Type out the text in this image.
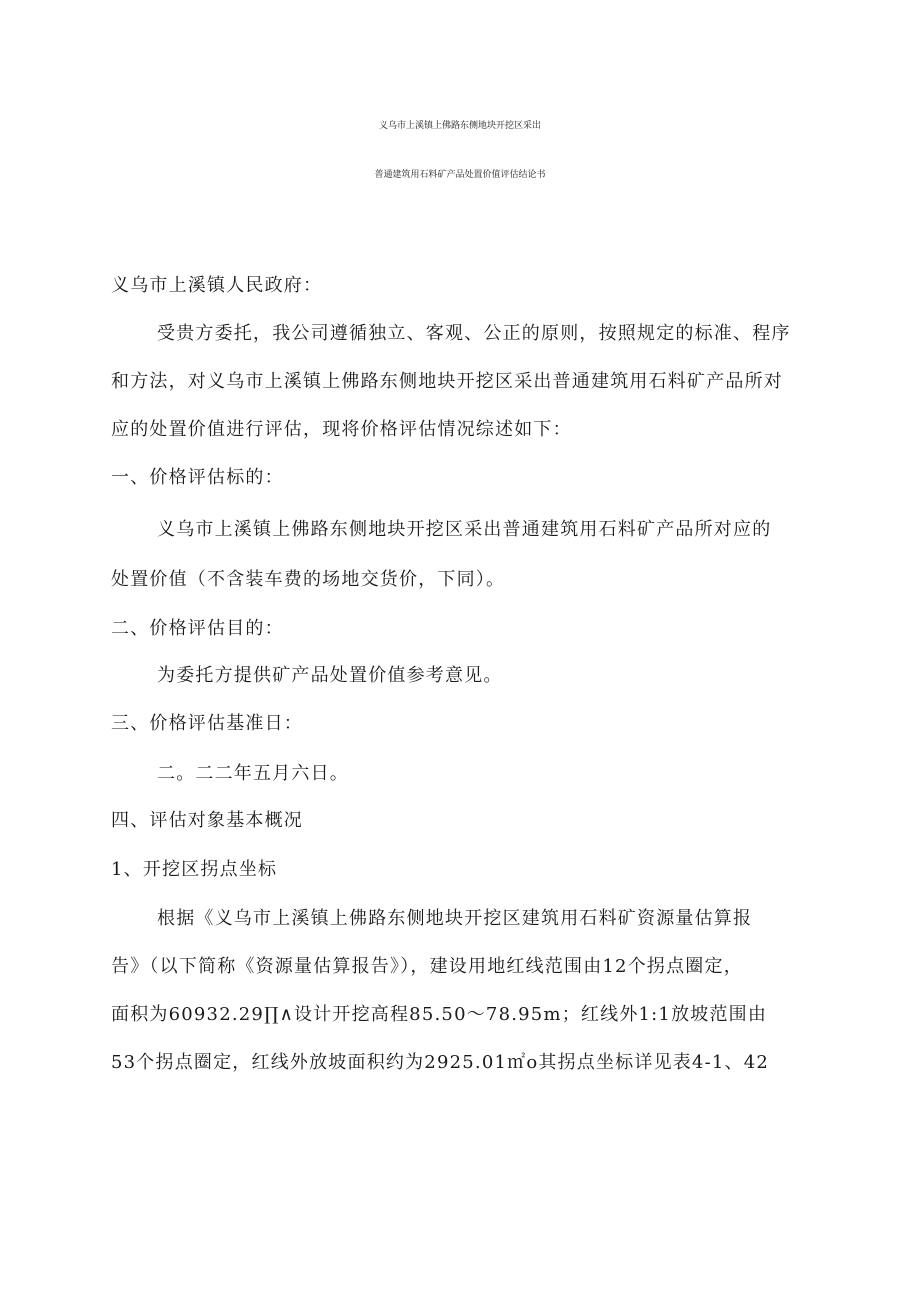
义乌市上溪镇上佛路东侧地块开挖区采出
普通建筑用石料矿产品处置价值评估结论书
义乌市上溪镇人民政府：
受贵方委托，我公司遵循独立、客观、公正的原则，按照规定的标准、程序
和方法，对义乌市上溪镇上佛路东侧地块开挖区采出普通建筑用石料矿产品所对
应的处置价值进行评估，现将价格评估情况综述如下：
一、价格评估标的：
义乌市上溪镇上佛路东侧地块开挖区采出普通建筑用石料矿产品所对应的
处置价值（不含装车费的场地交货价，下同）。
二、价格评估目的：
为委托方提供矿产品处置价值参考意见。
三、价格评估基准日：
二。二二年五月六日。
四、评估对象基本概况
1、开挖区拐点坐标
根据《义乌市上溪镇上佛路东侧地块开挖区建筑用石料矿资源量估算报
告》（以下简称《资源量估算报告》），建设用地红线范围由12个拐点圈定，
面积为60932.29∏∧设计开挖高程85.50～78.95m；红线外1:1放坡范围由
53个拐点圈定，红线外放坡面积约为2925.01㎡o其拐点坐标详见表4-1、42
